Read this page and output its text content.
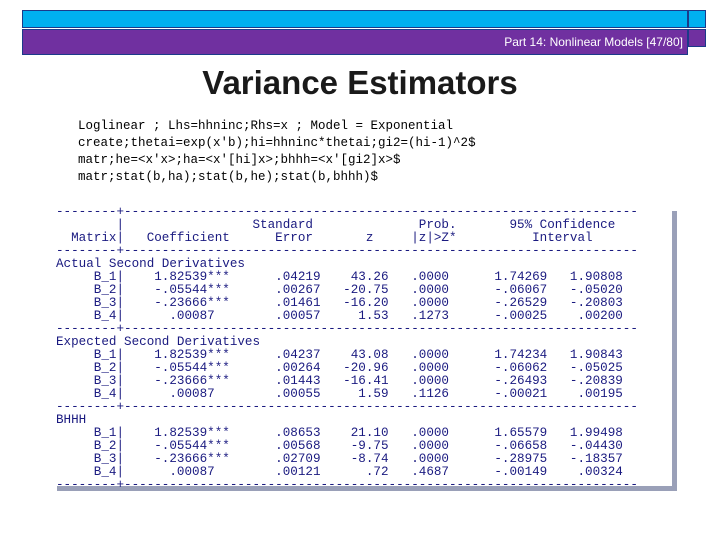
Part 14: Nonlinear Models [47/80]
Variance Estimators
Loglinear ; Lhs=hhninc;Rhs=x ; Model = Exponential
create;thetai=exp(x'b);hi=hhninc*thetai;gi2=(hi-1)^2$
matr;he=<x'x>;ha=<x'[hi]x>;bhhh=<x'[gi2]x>$
matr;stat(b,ha);stat(b,he);stat(b,bhhh)$
--------+--------------------------------------------------------------------
|                 Standard              Prob.       95% Confidence
Matrix|   Coefficient      Error       z     |z|>Z*          Interval
--------+--------------------------------------------------------------------
Actual Second Derivatives
B_1|    1.82539***      .04219    43.26   .0000      1.74269   1.90808
B_2|    -.05544***      .00267   -20.75   .0000      -.06067   -.05020
B_3|    -.23666***      .01461   -16.20   .0000      -.26529   -.20803
B_4|      .00087        .00057     1.53   .1273      -.00025    .00200
--------+--------------------------------------------------------------------
Expected Second Derivatives
B_1|    1.82539***      .04237    43.08   .0000      1.74234   1.90843
B_2|    -.05544***      .00264   -20.96   .0000      -.06062   -.05025
B_3|    -.23666***      .01443   -16.41   .0000      -.26493   -.20839
B_4|      .00087        .00055     1.59   .1126      -.00021    .00195
--------+--------------------------------------------------------------------
BHHH
B_1|    1.82539***      .08653    21.10   .0000      1.65579   1.99498
B_2|    -.05544***      .00568    -9.75   .0000      -.06658   -.04430
B_3|    -.23666***      .02709    -8.74   .0000      -.28975   -.18357
B_4|      .00087        .00121      .72   .4687      -.00149    .00324
--------+--------------------------------------------------------------------
